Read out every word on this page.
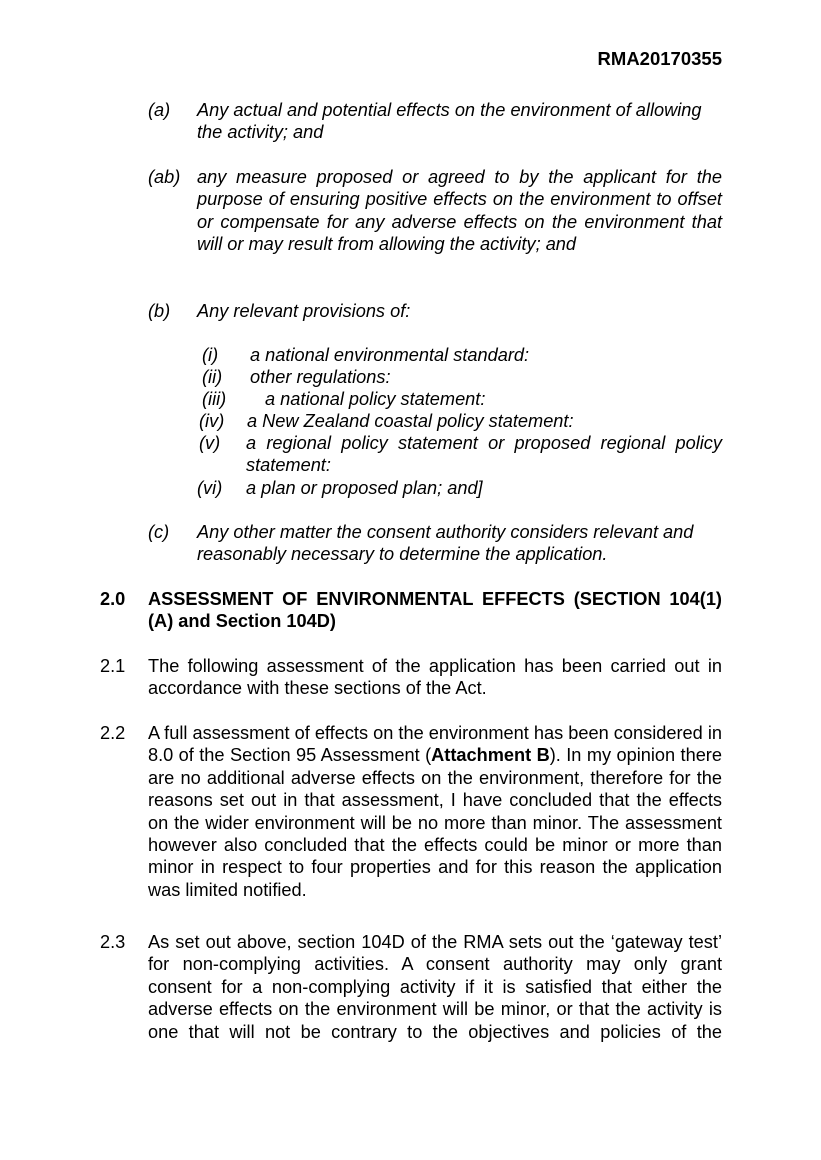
RMA20170355
(a) Any actual and potential effects on the environment of allowing
the activity; and
(ab) any measure proposed or agreed to by the applicant for the purpose of ensuring positive effects on the environment to offset or compensate for any adverse effects on the environment that will or may result from allowing the activity; and
(b) Any relevant provisions of:
(i) a national environmental standard:
(ii) other regulations:
(iii) a national policy statement:
(iv) a New Zealand coastal policy statement:
(v) a regional policy statement or proposed regional policy statement:
(vi) a plan or proposed plan; and]
(c) Any other matter the consent authority considers relevant and
reasonably necessary to determine the application.
2.0 ASSESSMENT OF ENVIRONMENTAL EFFECTS (SECTION 104(1)(A) and Section 104D)
2.1 The following assessment of the application has been carried out in accordance with these sections of the Act.
2.2 A full assessment of effects on the environment has been considered in 8.0 of the Section 95 Assessment (Attachment B). In my opinion there are no additional adverse effects on the environment, therefore for the reasons set out in that assessment, I have concluded that the effects on the wider environment will be no more than minor. The assessment however also concluded that the effects could be minor or more than minor in respect to four properties and for this reason the application was limited notified.
2.3 As set out above, section 104D of the RMA sets out the ‘gateway test’ for non-complying activities. A consent authority may only grant consent for a non-complying activity if it is satisfied that either the adverse effects on the environment will be minor, or that the activity is one that will not be contrary to the objectives and policies of the
